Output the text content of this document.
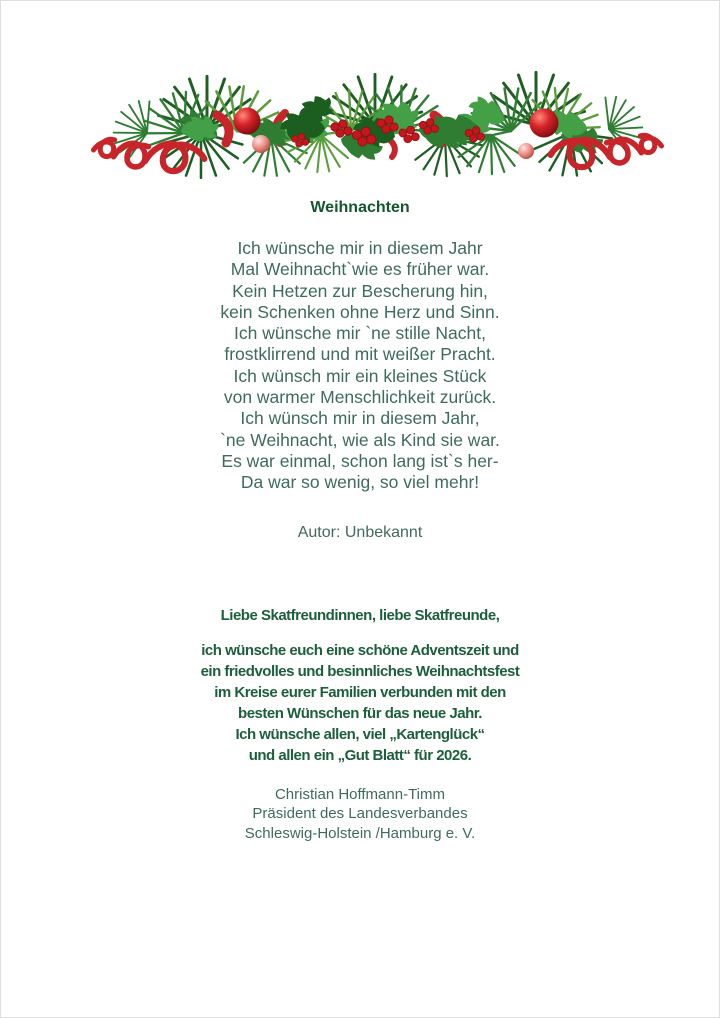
Weihnachten
Ich wünsche mir in diesem Jahr
Mal Weihnacht`wie es früher war.
Kein Hetzen zur Bescherung hin,
kein Schenken ohne Herz und Sinn.
Ich wünsche mir `ne stille Nacht,
frostklirrend und mit weißer Pracht.
Ich wünsch mir ein kleines Stück
von warmer Menschlichkeit zurück.
Ich wünsch mir in diesem Jahr,
`ne Weihnacht, wie als Kind sie war.
Es war einmal, schon lang ist`s her-
Da war so wenig, so viel mehr!
Autor: Unbekannt
Liebe Skatfreundinnen, liebe Skatfreunde,
ich wünsche euch eine schöne Adventszeit und
ein friedvolles und besinnliches Weihnachtsfest
im Kreise eurer Familien verbunden mit den
besten Wünschen für das neue Jahr.
Ich wünsche allen, viel „Kartenglück“
und allen ein „Gut Blatt“ für 2026.
Christian Hoffmann-Timm
Präsident des Landesverbandes
Schleswig-Holstein /Hamburg e. V.
